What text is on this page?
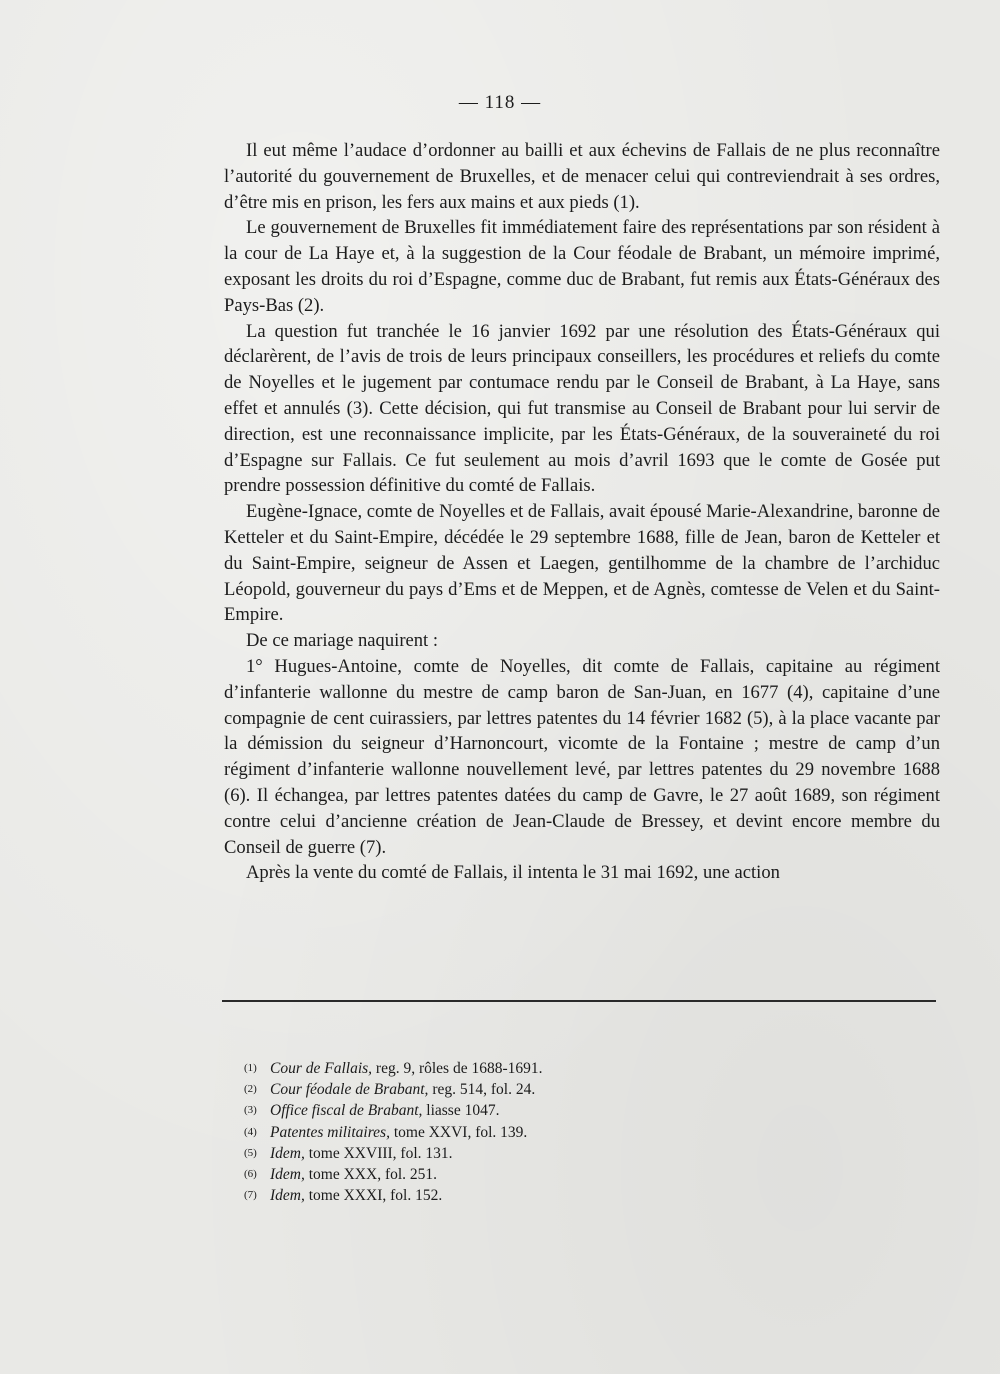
— 118 —

Il eut même l’audace d’ordonner au bailli et aux échevins de Fallais de ne plus reconnaître l’autorité du gouvernement de Bruxelles, et de menacer celui qui contreviendrait à ses ordres, d’être mis en prison, les fers aux mains et aux pieds (1).

Le gouvernement de Bruxelles fit immédiatement faire des représentations par son résident à la cour de La Haye et, à la suggestion de la Cour féodale de Brabant, un mémoire imprimé, exposant les droits du roi d’Espagne, comme duc de Brabant, fut remis aux États-Généraux des Pays-Bas (2).

La question fut tranchée le 16 janvier 1692 par une résolution des États-Généraux qui déclarèrent, de l’avis de trois de leurs principaux conseillers, les procédures et reliefs du comte de Noyelles et le jugement par contumace rendu par le Conseil de Brabant, à La Haye, sans effet et annulés (3). Cette décision, qui fut transmise au Conseil de Brabant pour lui servir de direction, est une reconnaissance implicite, par les États-Généraux, de la souveraineté du roi d’Espagne sur Fallais. Ce fut seulement au mois d’avril 1693 que le comte de Gosée put prendre possession définitive du comté de Fallais.

Eugène-Ignace, comte de Noyelles et de Fallais, avait épousé Marie-Alexandrine, baronne de Ketteler et du Saint-Empire, décédée le 29 septembre 1688, fille de Jean, baron de Ketteler et du Saint-Empire, seigneur de Assen et Laegen, gentilhomme de la chambre de l’archiduc Léopold, gouverneur du pays d’Ems et de Meppen, et de Agnès, comtesse de Velen et du Saint-Empire.

De ce mariage naquirent :

1° Hugues-Antoine, comte de Noyelles, dit comte de Fallais, capitaine au régiment d’infanterie wallonne du mestre de camp baron de San-Juan, en 1677 (4), capitaine d’une compagnie de cent cuirassiers, par lettres patentes du 14 février 1682 (5), à la place vacante par la démission du seigneur d’Harnoncourt, vicomte de la Fontaine ; mestre de camp d’un régiment d’infanterie wallonne nouvellement levé, par lettres patentes du 29 novembre 1688 (6). Il échangea, par lettres patentes datées du camp de Gavre, le 27 août 1689, son régiment contre celui d’ancienne création de Jean-Claude de Bressey, et devint encore membre du Conseil de guerre (7).

Après la vente du comté de Fallais, il intenta le 31 mai 1692, une action

(1) Cour de Fallais, reg. 9, rôles de 1688-1691.
(2) Cour féodale de Brabant, reg. 514, fol. 24.
(3) Office fiscal de Brabant, liasse 1047.
(4) Patentes militaires, tome XXVI, fol. 139.
(5) Idem, tome XXVIII, fol. 131.
(6) Idem, tome XXX, fol. 251.
(7) Idem, tome XXXI, fol. 152.
